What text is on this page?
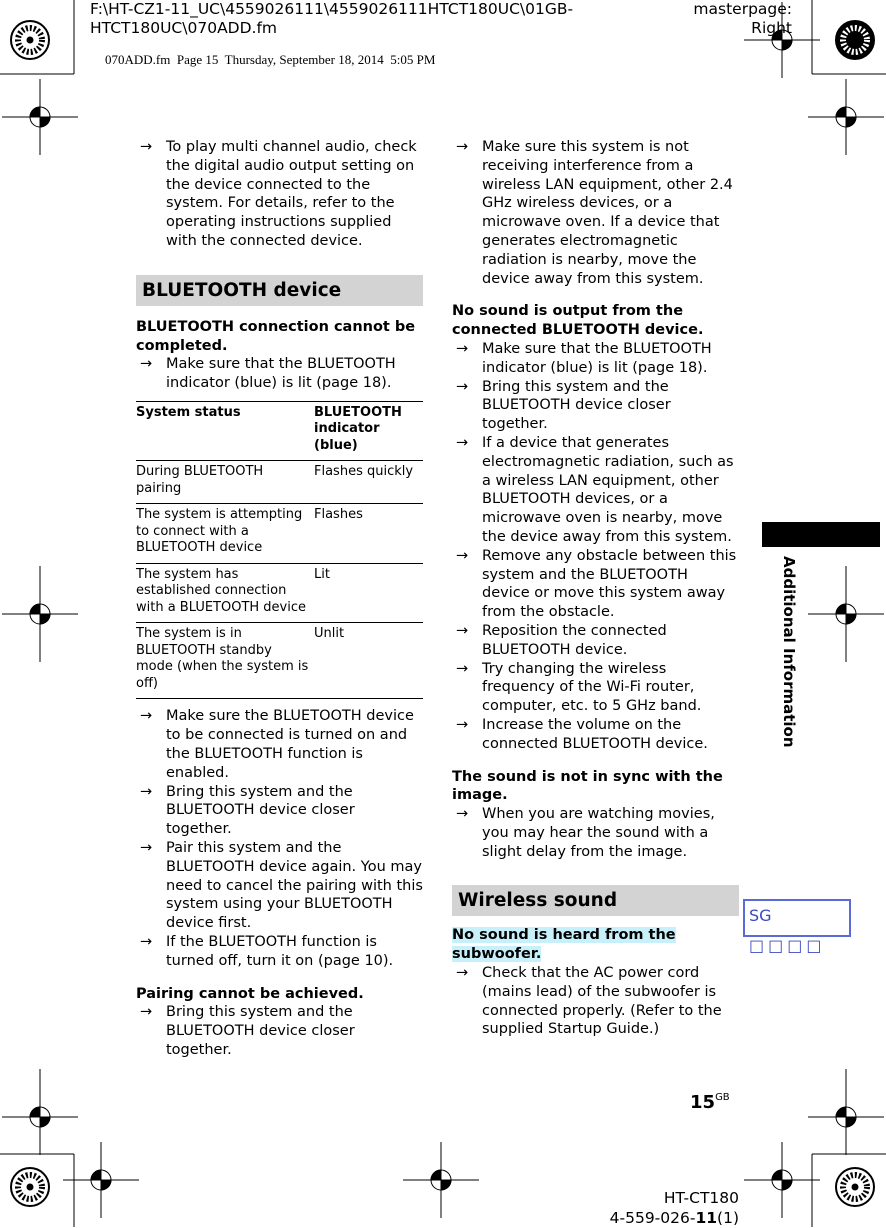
F:\HT-CZ1-11_UC\4559026111\4559026111HTCT180UC\01GB-
HTCT180UC\070ADD.fm
masterpage:
Right
070ADD.fm  Page 15  Thursday, September 18, 2014  5:05 PM
→ To play multi channel audio, check the digital audio output setting on the device connected to the system. For details, refer to the operating instructions supplied with the connected device.
BLUETOOTH device
BLUETOOTH connection cannot be completed.
→ Make sure that the BLUETOOTH indicator (blue) is lit (page 18).
System status	BLUETOOTH indicator (blue)
During BLUETOOTH pairing	Flashes quickly
The system is attempting to connect with a BLUETOOTH device	Flashes
The system has established connection with a BLUETOOTH device	Lit
The system is in BLUETOOTH standby mode (when the system is off)	Unlit
→ Make sure the BLUETOOTH device to be connected is turned on and the BLUETOOTH function is enabled.
→ Bring this system and the BLUETOOTH device closer together.
→ Pair this system and the BLUETOOTH device again. You may need to cancel the pairing with this system using your BLUETOOTH device first.
→ If the BLUETOOTH function is turned off, turn it on (page 10).
Pairing cannot be achieved.
→ Bring this system and the BLUETOOTH device closer together.
→ Make sure this system is not receiving interference from a wireless LAN equipment, other 2.4 GHz wireless devices, or a microwave oven. If a device that generates electromagnetic radiation is nearby, move the device away from this system.
No sound is output from the connected BLUETOOTH device.
→ Make sure that the BLUETOOTH indicator (blue) is lit (page 18).
→ Bring this system and the BLUETOOTH device closer together.
→ If a device that generates electromagnetic radiation, such as a wireless LAN equipment, other BLUETOOTH devices, or a microwave oven is nearby, move the device away from this system.
→ Remove any obstacle between this system and the BLUETOOTH device or move this system away from the obstacle.
→ Reposition the connected BLUETOOTH device.
→ Try changing the wireless frequency of the Wi-Fi router, computer, etc. to 5 GHz band.
→ Increase the volume on the connected BLUETOOTH device.
The sound is not in sync with the image.
→ When you are watching movies, you may hear the sound with a slight delay from the image.
Wireless sound
No sound is heard from the subwoofer.
→ Check that the AC power cord (mains lead) of the subwoofer is connected properly. (Refer to the supplied Startup Guide.)
Additional Information
SG □□□□
$15^{GB}$
HT-CT180
4-559-026-11(1)
